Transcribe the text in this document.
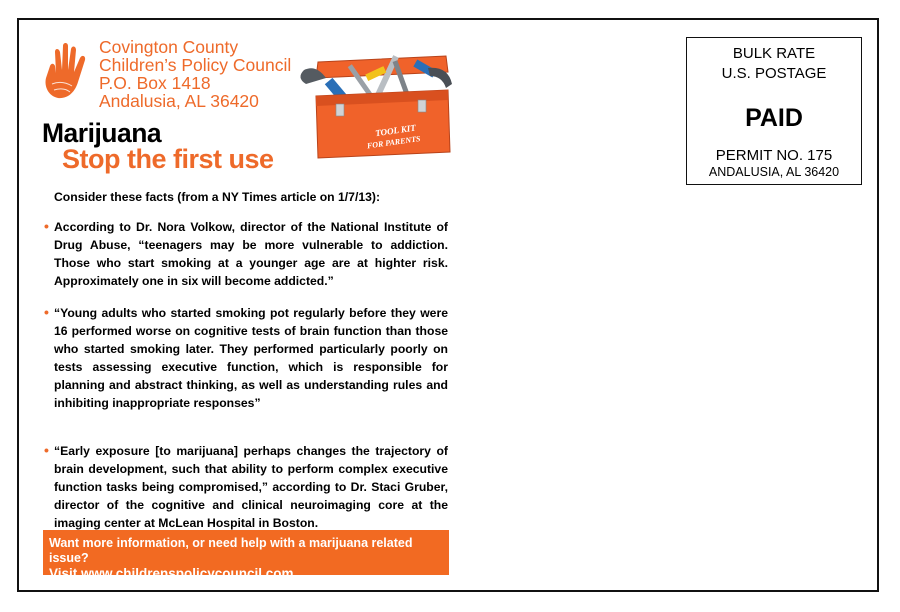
Covington County
Children’s Policy Council
P.O. Box 1418
Andalusia, AL 36420
TOOL KIT
FOR PARENTS
Marijuana
Stop the first use
Consider these facts (from a NY Times article on 1/7/13):
• According to Dr. Nora Volkow, director of the National Institute of Drug Abuse, “teenagers may be more vulnerable to addiction. Those who start smoking at a younger age are at highter risk. Approximately one in six will become addicted.”
• “Young adults who started smoking pot regularly before they were 16 performed worse on cognitive tests of brain function than those who started smoking later. They performed particularly poorly on tests assessing executive function, which is responsible for planning and abstract thinking, as well as understanding rules and inhibiting inappropriate responses”
• “Early exposure [to marijuana] perhaps changes the trajectory of brain development, such that ability to perform complex executive function tasks being compromised,” according to Dr. Staci Gruber, director of the cognitive and clinical neuroimaging core at the imaging center at McLean Hospital in Boston.
Want more information, or need help with a marijuana related issue?
Visit www.childrenspolicycouncil.com
BULK RATE
U.S. POSTAGE
PAID
PERMIT NO. 175
ANDALUSIA, AL 36420
